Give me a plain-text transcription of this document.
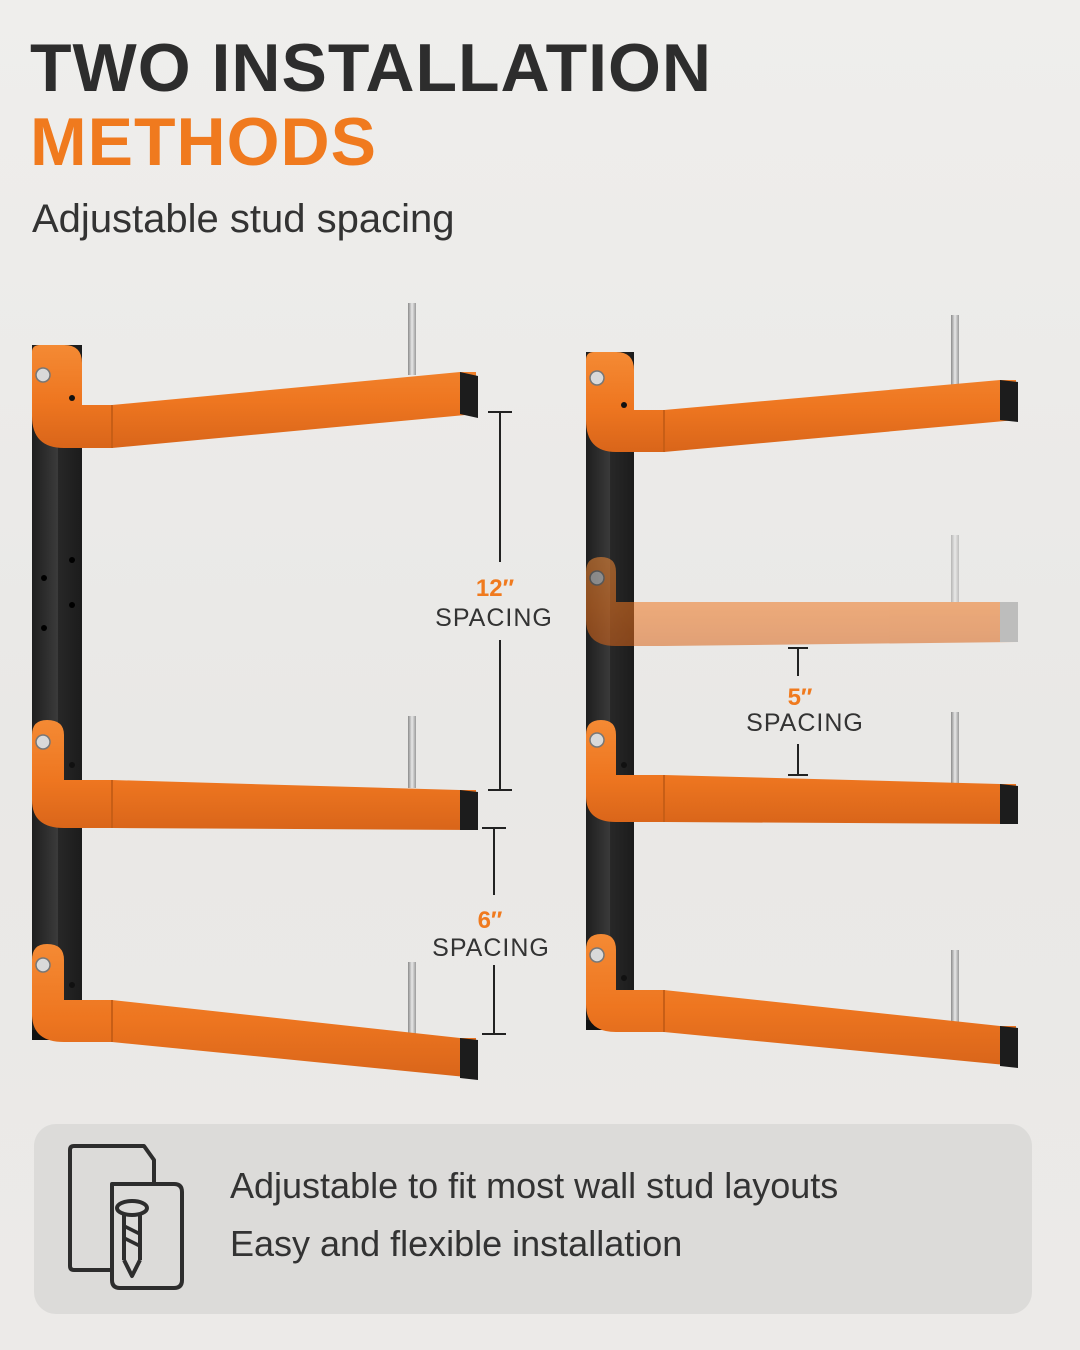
TWO INSTALLATION
METHODS
Adjustable stud spacing
12″
SPACING
6″
SPACING
5″
SPACING
Adjustable to fit most wall stud layouts
Easy and flexible installation
